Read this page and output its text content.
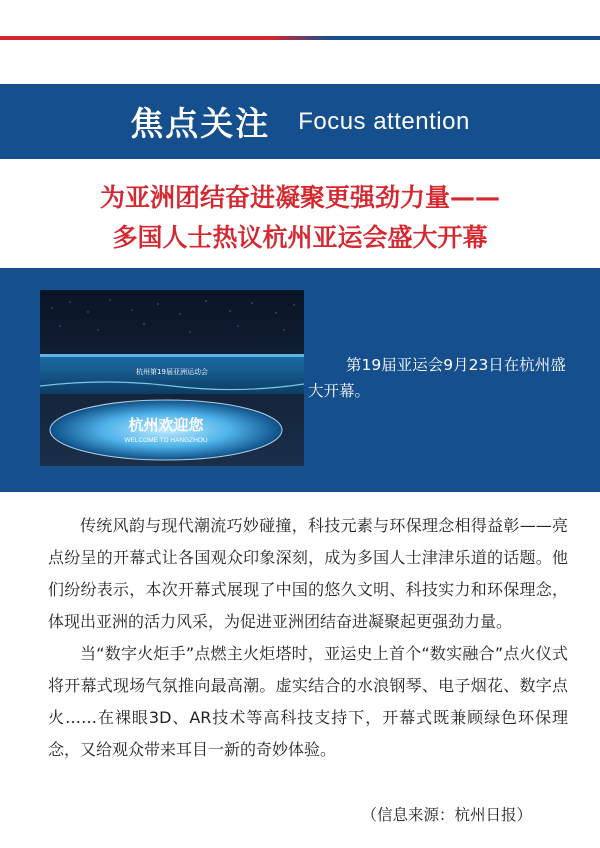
焦点关注 Focus attention
为亚洲团结奋进凝聚更强劲力量——
多国人士热议杭州亚运会盛大开幕
杭州第19届亚洲运动会
杭州欢迎您
WELCOME TO HANGZHOU
第19届亚运会9月23日在杭州盛大开幕。

传统风韵与现代潮流巧妙碰撞，科技元素与环保理念相得益彰——亮点纷呈的开幕式让各国观众印象深刻，成为多国人士津津乐道的话题。他们纷纷表示，本次开幕式展现了中国的悠久文明、科技实力和环保理念，体现出亚洲的活力风采，为促进亚洲团结奋进凝聚起更强劲力量。

当“数字火炬手”点燃主火炬塔时，亚运史上首个“数实融合”点火仪式将开幕式现场气氛推向最高潮。虚实结合的水浪钢琴、电子烟花、数字点火……在裸眼3D、AR技术等高科技支持下，开幕式既兼顾绿色环保理念，又给观众带来耳目一新的奇妙体验。

（信息来源：杭州日报）
